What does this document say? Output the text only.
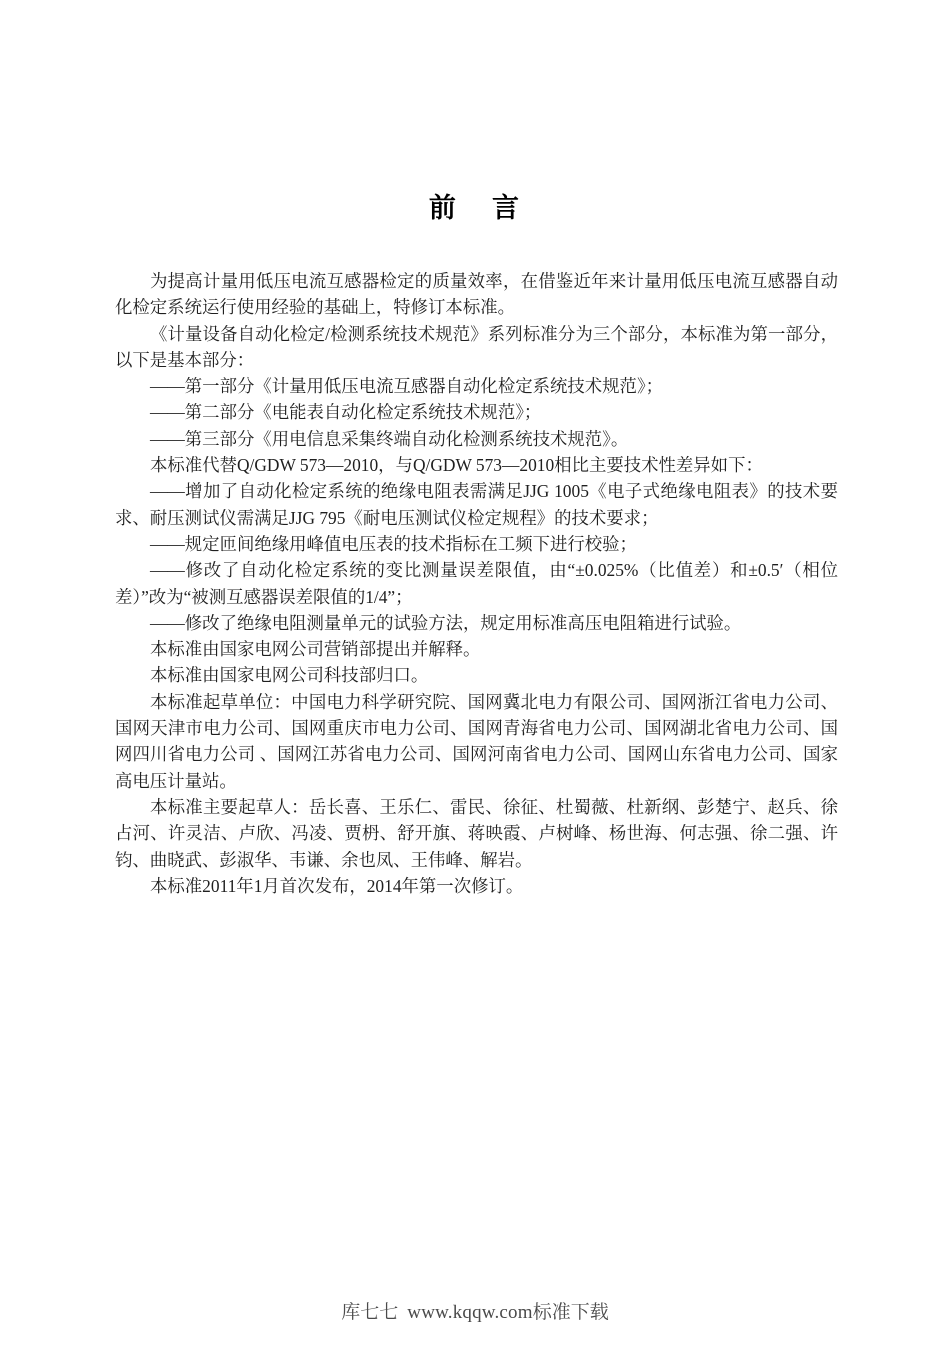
前 言

为提高计量用低压电流互感器检定的质量效率，在借鉴近年来计量用低压电流互感器自动化检定系统运行使用经验的基础上，特修订本标准。

《计量设备自动化检定/检测系统技术规范》系列标准分为三个部分，本标准为第一部分，以下是基本部分：

——第一部分《计量用低压电流互感器自动化检定系统技术规范》；

——第二部分《电能表自动化检定系统技术规范》；

——第三部分《用电信息采集终端自动化检测系统技术规范》。

本标准代替Q/GDW 573—2010，与Q/GDW 573—2010相比主要技术性差异如下：

——增加了自动化检定系统的绝缘电阻表需满足JJG 1005《电子式绝缘电阻表》的技术要求、耐压测试仪需满足JJG 795《耐电压测试仪检定规程》的技术要求；

——规定匝间绝缘用峰值电压表的技术指标在工频下进行校验；

——修改了自动化检定系统的变比测量误差限值，由“±0.025%（比值差）和±0.5′（相位差）”改为“被测互感器误差限值的1/4”；

——修改了绝缘电阻测量单元的试验方法，规定用标准高压电阻箱进行试验。

本标准由国家电网公司营销部提出并解释。

本标准由国家电网公司科技部归口。

本标准起草单位：中国电力科学研究院、国网冀北电力有限公司、国网浙江省电力公司、国网天津市电力公司、国网重庆市电力公司、国网青海省电力公司、国网湖北省电力公司、国网四川省电力公司 、国网江苏省电力公司、国网河南省电力公司、国网山东省电力公司、国家高电压计量站。

本标准主要起草人：岳长喜、王乐仁、雷民、徐征、杜蜀薇、杜新纲、彭楚宁、赵兵、徐占河、许灵洁、卢欣、冯凌、贾枬、舒开旗、蒋映霞、卢树峰、杨世海、何志强、徐二强、许钧、曲晓武、彭淑华、韦谦、余也凤、王伟峰、解岩。

本标准2011年1月首次发布，2014年第一次修订。

库七七 www.kqqw.com标准下载
